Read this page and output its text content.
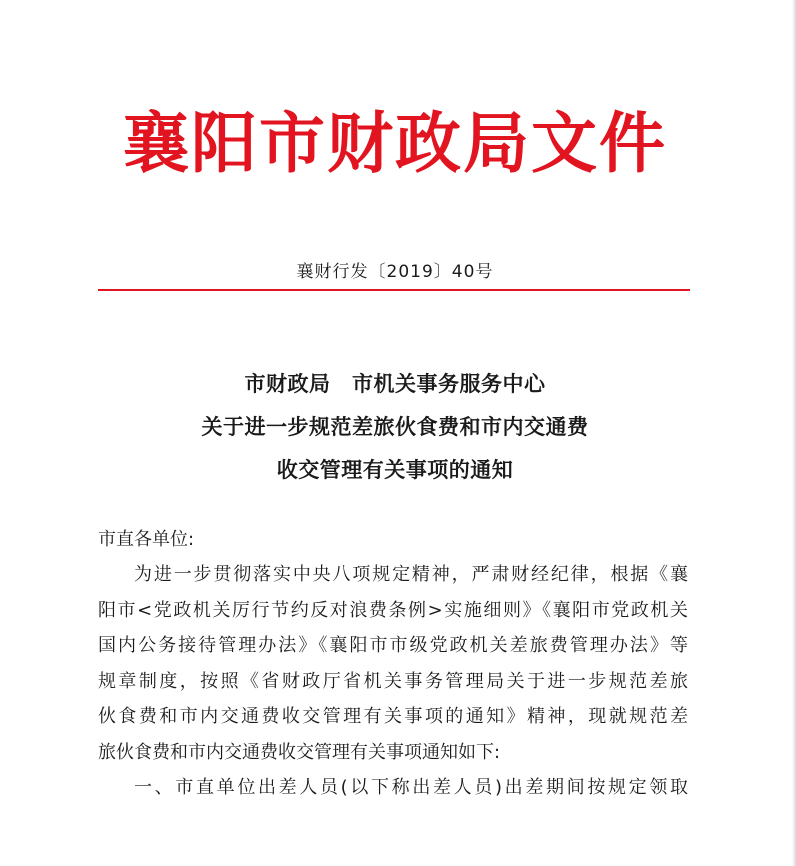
襄阳市财政局文件
襄财行发〔2019〕40号
市财政局　市机关事务服务中心
关于进一步规范差旅伙食费和市内交通费
收交管理有关事项的通知
市直各单位:
为进一步贯彻落实中央八项规定精神，严肃财经纪律，根据《襄
阳市<党政机关厉行节约反对浪费条例>实施细则》《襄阳市党政机关
国内公务接待管理办法》《襄阳市市级党政机关差旅费管理办法》等
规章制度，按照《省财政厅省机关事务管理局关于进一步规范差旅
伙食费和市内交通费收交管理有关事项的通知》精神，现就规范差
旅伙食费和市内交通费收交管理有关事项通知如下:
一、市直单位出差人员(以下称出差人员)出差期间按规定领取
